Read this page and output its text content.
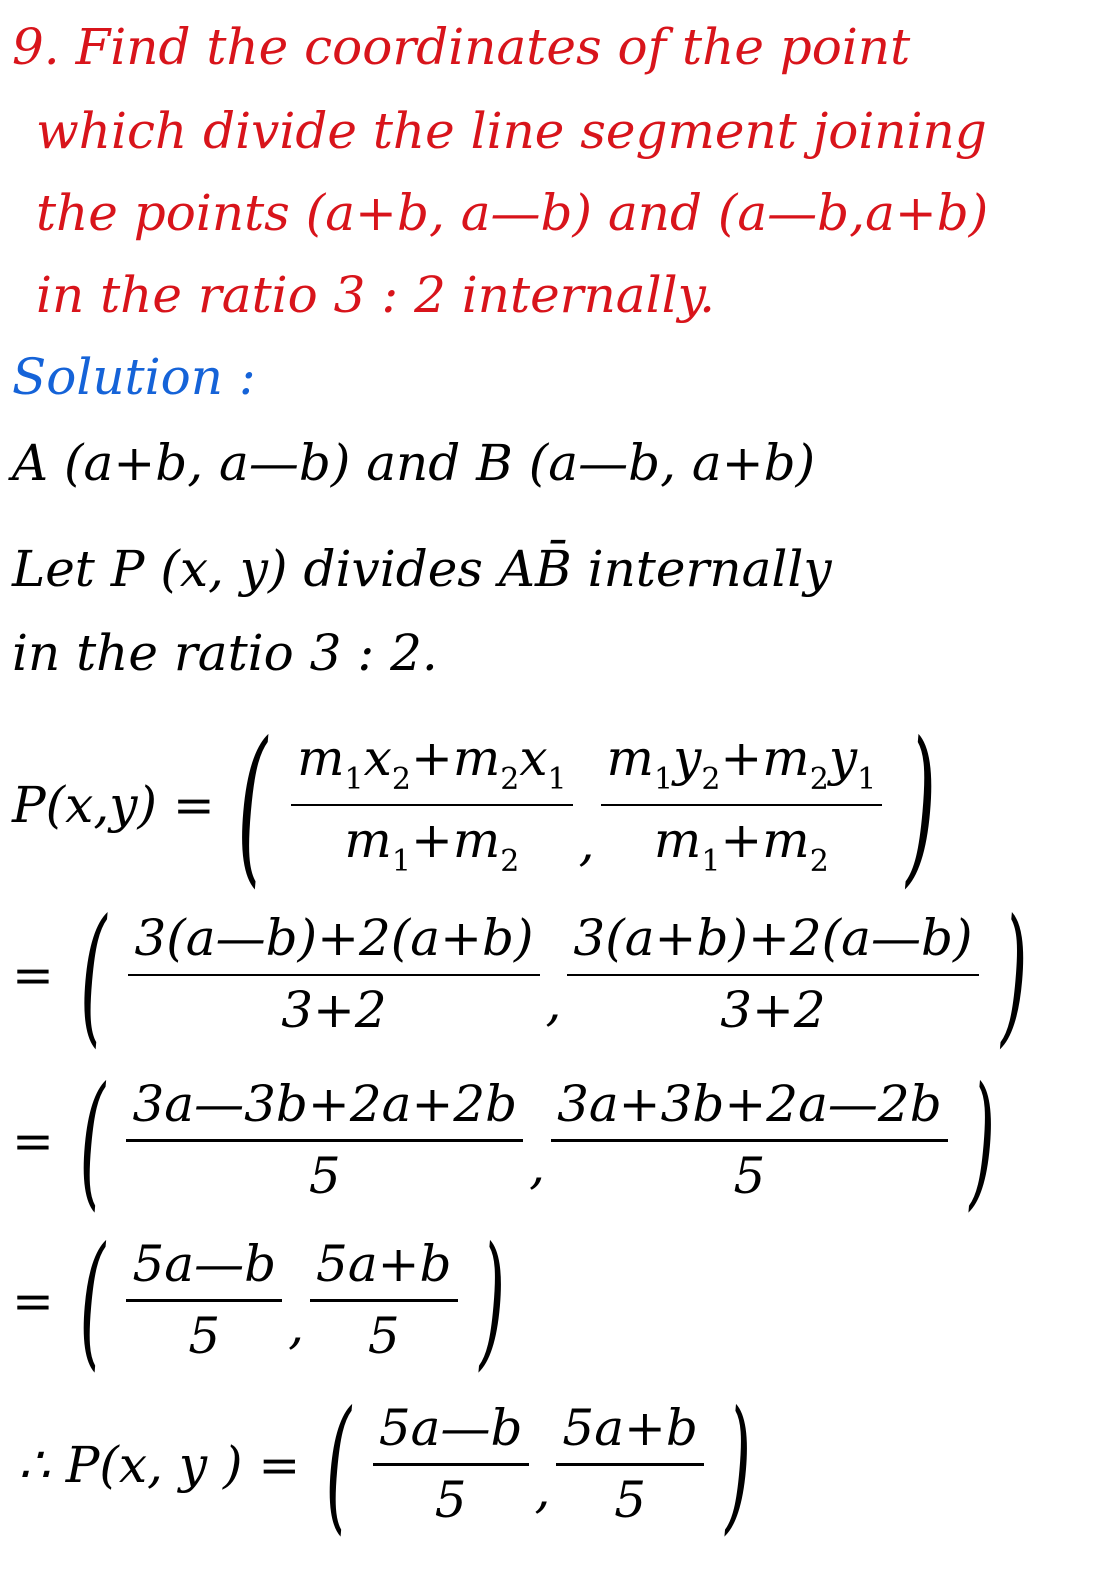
9. Find the coordinates of the point
which divide the line segment joining
the points (a+b, a—b) and (a—b,a+b)
in the ratio 3 : 2 internally.
Solution :
A (a+b, a—b) and B (a—b, a+b)
Let P (x, y) divides AB̄ internally
in the ratio 3 : 2.
P(x,y) = ( $\frac{m_1x_2+m_2x_1}{m_1+m_2}$ , $\frac{m_1y_2+m_2y_1}{m_1+m_2}$ )
= ( $\frac{3(a—b)+2(a+b)}{3+2}$ , $\frac{3(a+b)+2(a—b)}{3+2}$ )
= ( $\frac{3a—3b+2a+2b}{5}$ , $\frac{3a+3b+2a—2b}{5}$ )
= ( $\frac{5a—b}{5}$ , $\frac{5a+b}{5}$ )
∴ P(x, y ) = ( $\frac{5a—b}{5}$ , $\frac{5a+b}{5}$ )
